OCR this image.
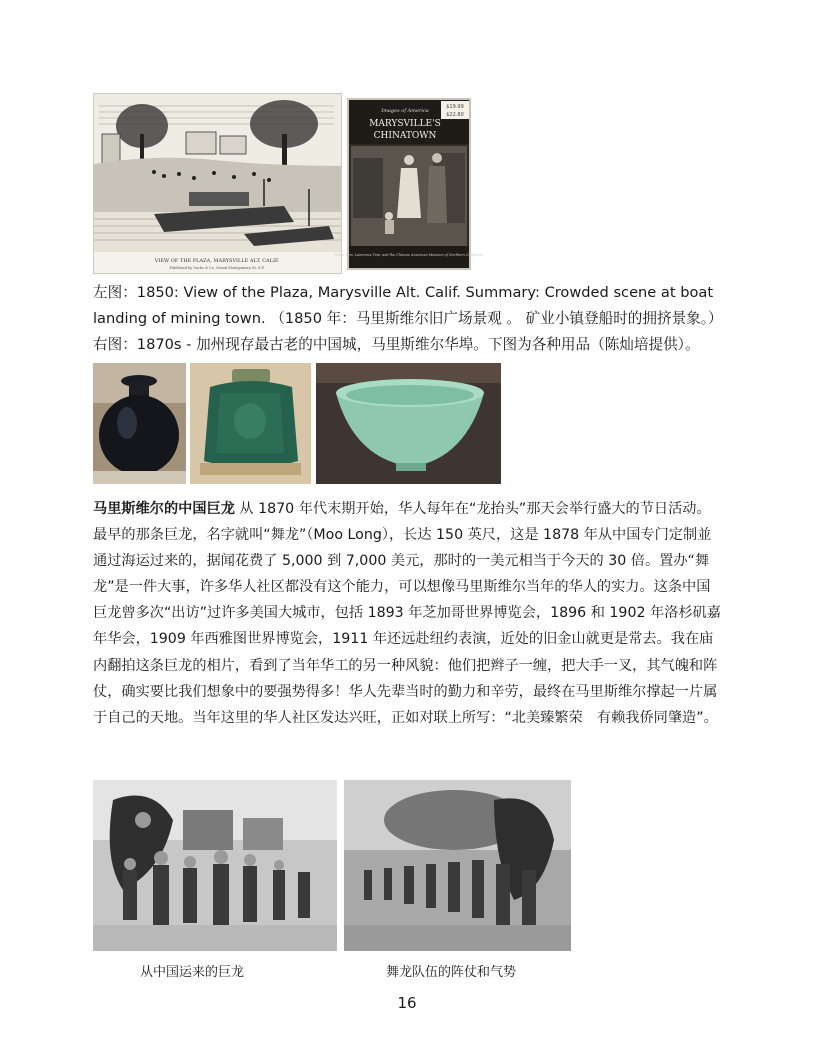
VIEW OF THE PLAZA, MARYSVILLE ALT. CALIF.
Published by Sacks & Co. Grand Montgomery St. S.F.
Images of America
MARYSVILLE'S
CHINATOWN
$19.99
$22.80
Brian Tom, Lawrence Tom, and the Chinese American Museum of Northern California
左图：1850: View of the Plaza, Marysville Alt. Calif. Summary: Crowded scene at boat
landing of mining town. （1850 年：马里斯维尔旧广场景观 。 矿业小镇登船时的拥挤景象。）
右图：1870s - 加州现存最古老的中国城，马里斯维尔华埠。下图为各种用品（陈灿培提供）。
马里斯维尔的中国巨龙 从 1870 年代末期开始，华人每年在“龙抬头”那天会举行盛大的节日活动。最早的那条巨龙，名字就叫“舞龙”（Moo Long），长达 150 英尺，这是 1878 年从中国专门定制並通过海运过来的，据闻花费了 5,000 到 7,000 美元，那时的一美元相当于今天的 30 倍。置办“舞龙”是一件大事，许多华人社区都没有这个能力，可以想像马里斯维尔当年的华人的实力。这条中国巨龙曾多次“出访”过许多美国大城市，包括 1893 年芝加哥世界博览会，1896 和 1902 年洛杉矶嘉年华会，1909 年西雅图世界博览会，1911 年还远赴纽约表演，近处的旧金山就更是常去。我在庙内翻拍这条巨龙的相片，看到了当年华工的另一种风貌：他们把辫子一缠，把大手一叉，其气魄和阵仗，确实要比我们想象中的要强势得多！华人先辈当时的勤力和辛劳，最终在马里斯维尔撑起一片属于自己的天地。当年这里的华人社区发达兴旺，正如对联上所写：“北美臻繁荣　有赖我侨同肇造”。
从中国运来的巨龙	舞龙队伍的阵仗和气势
16
